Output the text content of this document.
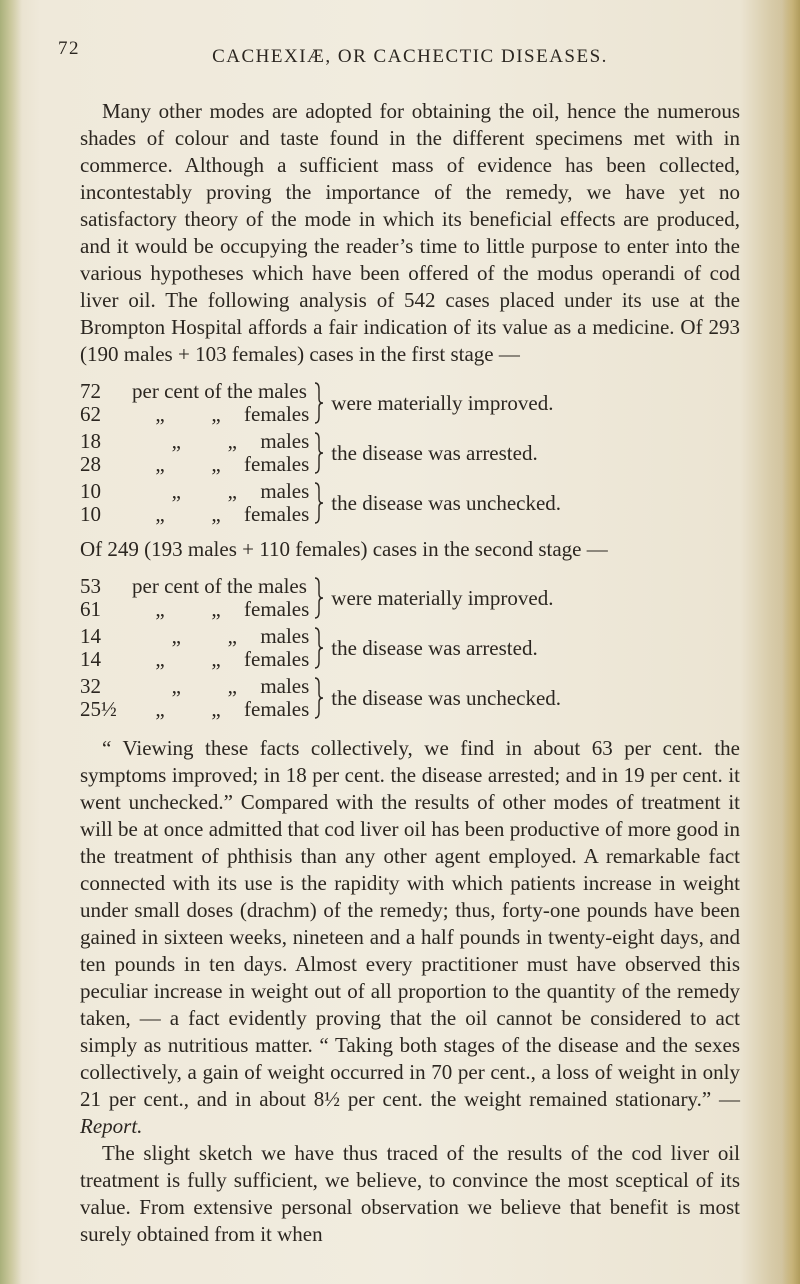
72	CACHEXIÆ, OR CACHECTIC DISEASES.

Many other modes are adopted for obtaining the oil, hence the numerous shades of colour and taste found in the different specimens met with in commerce. Although a sufficient mass of evidence has been collected, incontestably proving the importance of the remedy, we have yet no satisfactory theory of the mode in which its beneficial effects are produced, and it would be occupying the reader’s time to little purpose to enter into the various hypotheses which have been offered of the modus operandi of cod liver oil. The following analysis of 542 cases placed under its use at the Brompton Hospital affords a fair indication of its value as a medicine. Of 293 (190 males + 103 females) cases in the first stage —

72	per cent of the males
62	„ „ females were materially improved.
18	„ „ males
28	„ „ females the disease was arrested.
10	„ „ males
10	„ „ females the disease was unchecked.

Of 249 (193 males + 110 females) cases in the second stage —

53	per cent of the males
61	„ „ females were materially improved.
14	„ „ males
14	„ „ females the disease was arrested.
32	„ „ males
25½	„ „ females the disease was unchecked.

“ Viewing these facts collectively, we find in about 63 per cent. the symptoms improved; in 18 per cent. the disease arrested; and in 19 per cent. it went unchecked.” Compared with the results of other modes of treatment it will be at once admitted that cod liver oil has been productive of more good in the treatment of phthisis than any other agent employed. A remarkable fact connected with its use is the rapidity with which patients increase in weight under small doses (drachm) of the remedy; thus, forty-one pounds have been gained in sixteen weeks, nineteen and a half pounds in twenty-eight days, and ten pounds in ten days. Almost every practitioner must have observed this peculiar increase in weight out of all proportion to the quantity of the remedy taken, — a fact evidently proving that the oil cannot be considered to act simply as nutritious matter. “ Taking both stages of the disease and the sexes collectively, a gain of weight occurred in 70 per cent., a loss of weight in only 21 per cent., and in about 8½ per cent. the weight remained stationary.” — Report.

The slight sketch we have thus traced of the results of the cod liver oil treatment is fully sufficient, we believe, to convince the most sceptical of its value. From extensive personal observation we believe that benefit is most surely obtained from it when
